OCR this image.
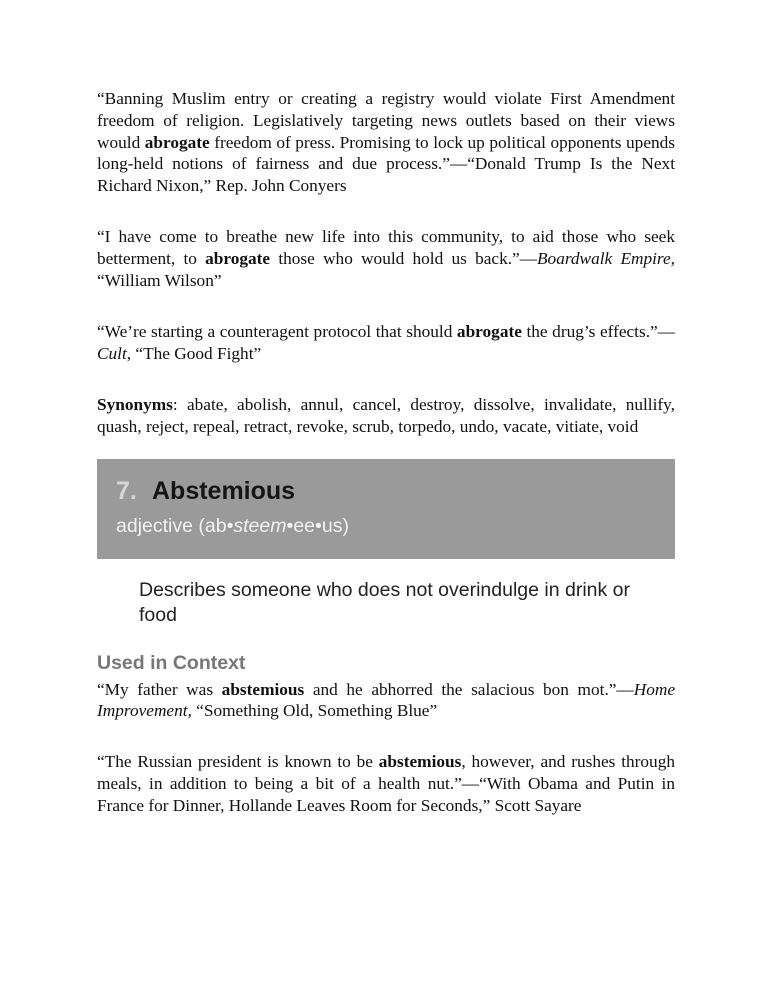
“Banning Muslim entry or creating a registry would violate First Amendment freedom of religion. Legislatively targeting news outlets based on their views would abrogate freedom of press. Promising to lock up political opponents upends long-held notions of fairness and due process.”—“Donald Trump Is the Next Richard Nixon,” Rep. John Conyers

“I have come to breathe new life into this community, to aid those who seek betterment, to abrogate those who would hold us back.”—Boardwalk Empire, “William Wilson”

“We’re starting a counteragent protocol that should abrogate the drug’s effects.”—Cult, “The Good Fight”

Synonyms: abate, abolish, annul, cancel, destroy, dissolve, invalidate, nullify, quash, reject, repeal, retract, revoke, scrub, torpedo, undo, vacate, vitiate, void

7. Abstemious
adjective (ab•steem•ee•us)
Describes someone who does not overindulge in drink or food
Used in Context

“My father was abstemious and he abhorred the salacious bon mot.”—Home Improvement, “Something Old, Something Blue”

“The Russian president is known to be abstemious, however, and rushes through meals, in addition to being a bit of a health nut.”—“With Obama and Putin in France for Dinner, Hollande Leaves Room for Seconds,” Scott Sayare
